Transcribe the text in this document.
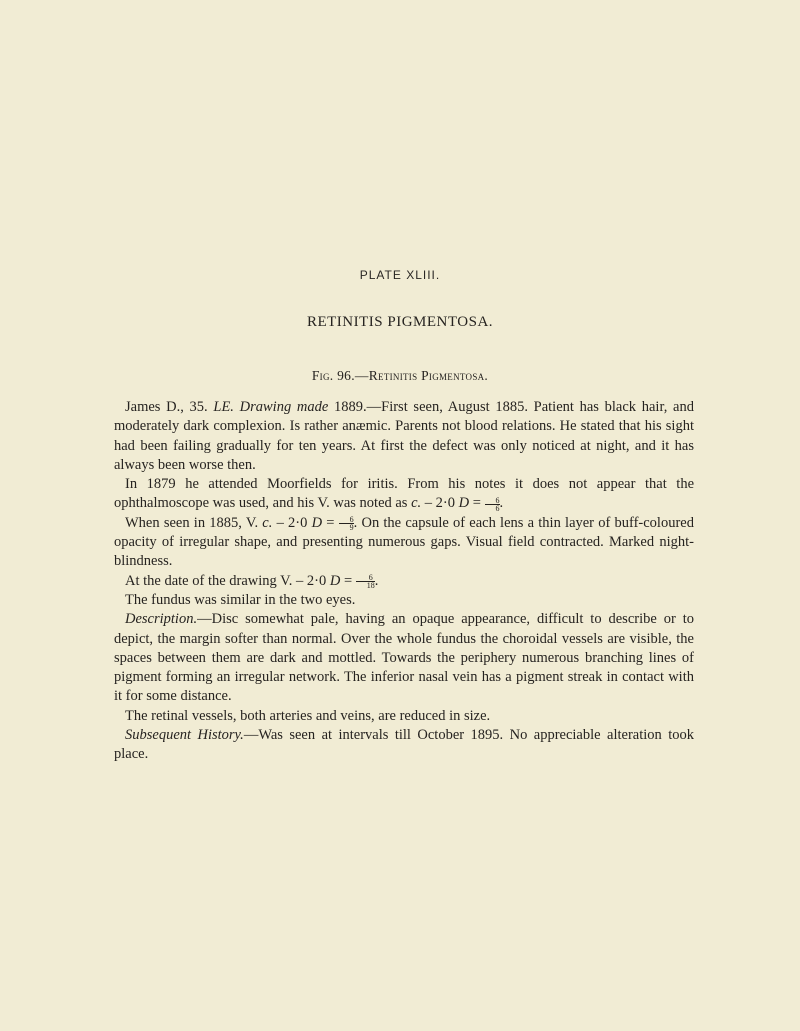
PLATE XLIII.
RETINITIS PIGMENTOSA.
Fig. 96.—Retinitis Pigmentosa.

James D., 35. LE. Drawing made 1889.—First seen, August 1885. Patient has black hair, and moderately dark complexion. Is rather anæmic. Parents not blood relations. He stated that his sight had been failing gradually for ten years. At first the defect was only noticed at night, and it has always been worse then.

In 1879 he attended Moorfields for iritis. From his notes it does not appear that the ophthalmoscope was used, and his V. was noted as c. – 2·0 $D = \frac{6}{6}$ .

When seen in 1885, V. c. – 2·0 $D = \frac{6}{9}$ . On the capsule of each lens a thin layer of buff-coloured opacity of irregular shape, and presenting numerous gaps. Visual field contracted. Marked night-blindness.

At the date of the drawing V. – 2·0 $D = \frac{6}{18}$ .

The fundus was similar in the two eyes.

Description.—Disc somewhat pale, having an opaque appearance, difficult to describe or to depict, the margin softer than normal. Over the whole fundus the choroidal vessels are visible, the spaces between them are dark and mottled. Towards the periphery numerous branching lines of pigment forming an irregular network. The inferior nasal vein has a pigment streak in contact with it for some distance.

The retinal vessels, both arteries and veins, are reduced in size.

Subsequent History.—Was seen at intervals till October 1895. No appreciable alteration took place.
